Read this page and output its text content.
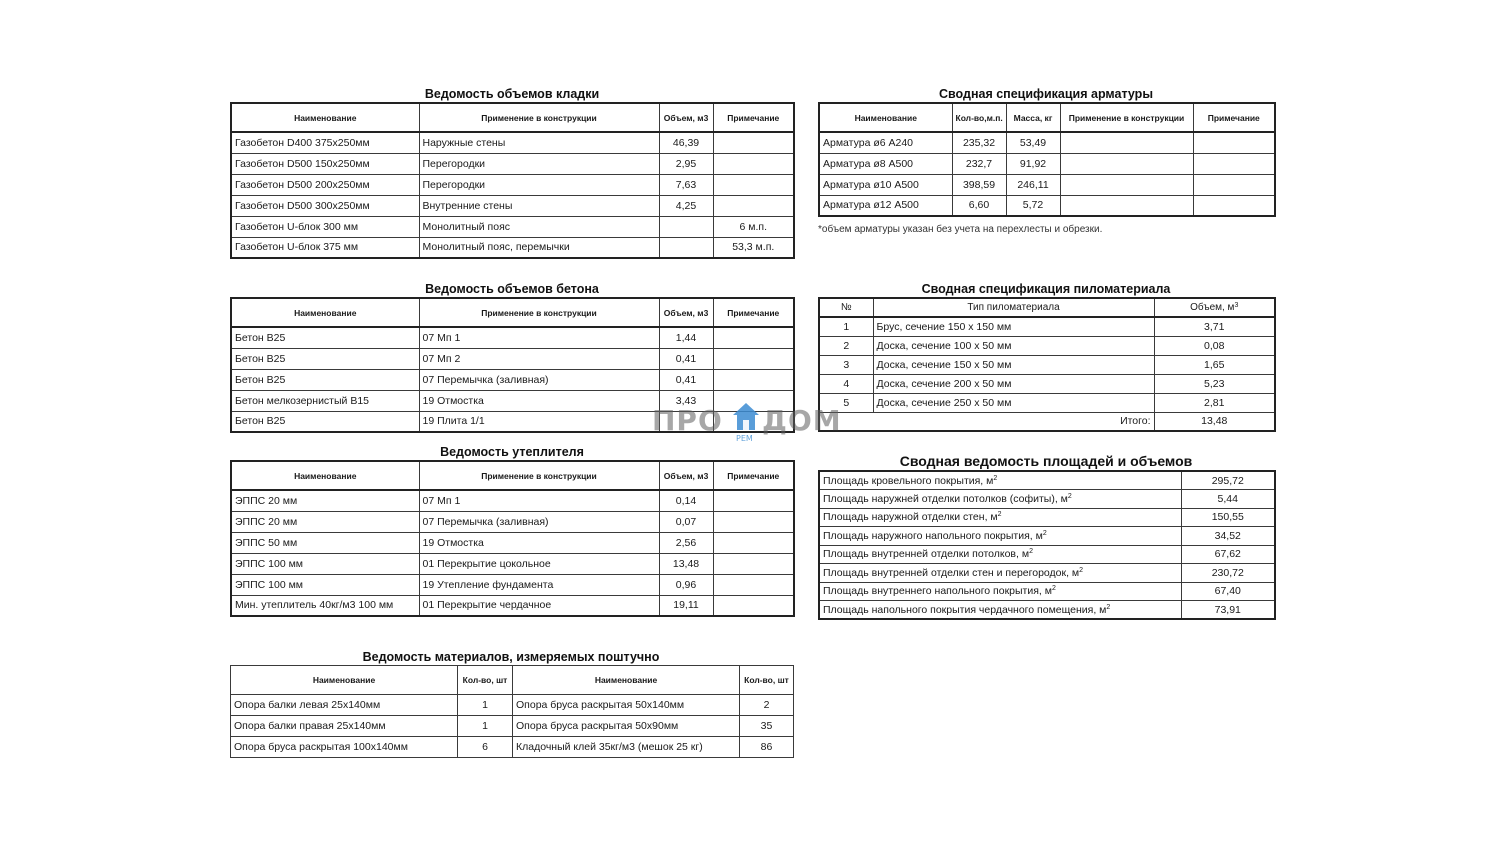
Ведомость объемов кладки
Наименование	Применение в конструкции	Объем, м3	Примечание
Газобетон D400 375x250мм	Наружные стены	46,39	
Газобетон D500 150x250мм	Перегородки	2,95	
Газобетон D500 200x250мм	Перегородки	7,63	
Газобетон D500 300x250мм	Внутренние стены	4,25	
Газобетон U-блок 300 мм	Монолитный пояс		6 м.п.
Газобетон U-блок 375 мм	Монолитный пояс, перемычки		53,3 м.п.
Ведомость объемов бетона
Наименование	Применение в конструкции	Объем, м3	Примечание
Бетон В25	07 Мп 1	1,44	
Бетон В25	07 Мп 2	0,41	
Бетон В25	07 Перемычка (заливная)	0,41	
Бетон мелкозернистый В15	19 Отмостка	3,43	
Бетон В25	19 Плита 1/1		
Ведомость утеплителя
Наименование	Применение в конструкции	Объем, м3	Примечание
ЭППС 20 мм	07 Мп 1	0,14	
ЭППС 20 мм	07 Перемычка (заливная)	0,07	
ЭППС 50 мм	19 Отмостка	2,56	
ЭППС 100 мм	01 Перекрытие цокольное	13,48	
ЭППС 100 мм	19 Утепление фундамента	0,96	
Мин. утеплитель 40кг/м3 100 мм	01 Перекрытие чердачное	19,11	
Ведомость материалов, измеряемых поштучно
Наименование	Кол-во, шт	Наименование	Кол-во, шт
Опора балки левая 25x140мм	1	Опора бруса раскрытая 50x140мм	2
Опора балки правая 25x140мм	1	Опора бруса раскрытая 50x90мм	35
Опора бруса раскрытая 100x140мм	6	Кладочный клей 35кг/м3 (мешок 25 кг)	86
Сводная спецификация арматуры
Наименование	Кол-во,м.п.	Масса, кг	Применение в конструкции	Примечание
Арматура ø6 А240	235,32	53,49		
Арматура ø8 А500	232,7	91,92		
Арматура ø10 А500	398,59	246,11		
Арматура ø12 А500	6,60	5,72		
*объем арматуры указан без учета на перехлесты и обрезки.
Сводная спецификация пиломатериала
№	Тип пиломатериала	Объем, $м^3$
1	Брус, сечение 150 x 150 мм	3,71
2	Доска, сечение 100 x 50 мм	0,08
3	Доска, сечение 150 x 50 мм	1,65
4	Доска, сечение 200 x 50 мм	5,23
5	Доска, сечение 250 x 50 мм	2,81
	Итого:	13,48
Сводная ведомость площадей и объемов
Площадь кровельного покрытия, $м^2$	295,72
Площадь наружней отделки потолков (софиты), $м^2$	5,44
Площадь наружной отделки стен, $м^2$	150,55
Площадь наружного напольного покрытия, $м^2$	34,52
Площадь внутренней отделки потолков, $м^2$	67,62
Площадь внутренней отделки стен и перегородок, $м^2$	230,72
Площадь внутреннего напольного покрытия, $м^2$	67,40
Площадь напольного покрытия чердачного помещения, $м^2$	73,91
ПРО ДОМ
РЕМ
